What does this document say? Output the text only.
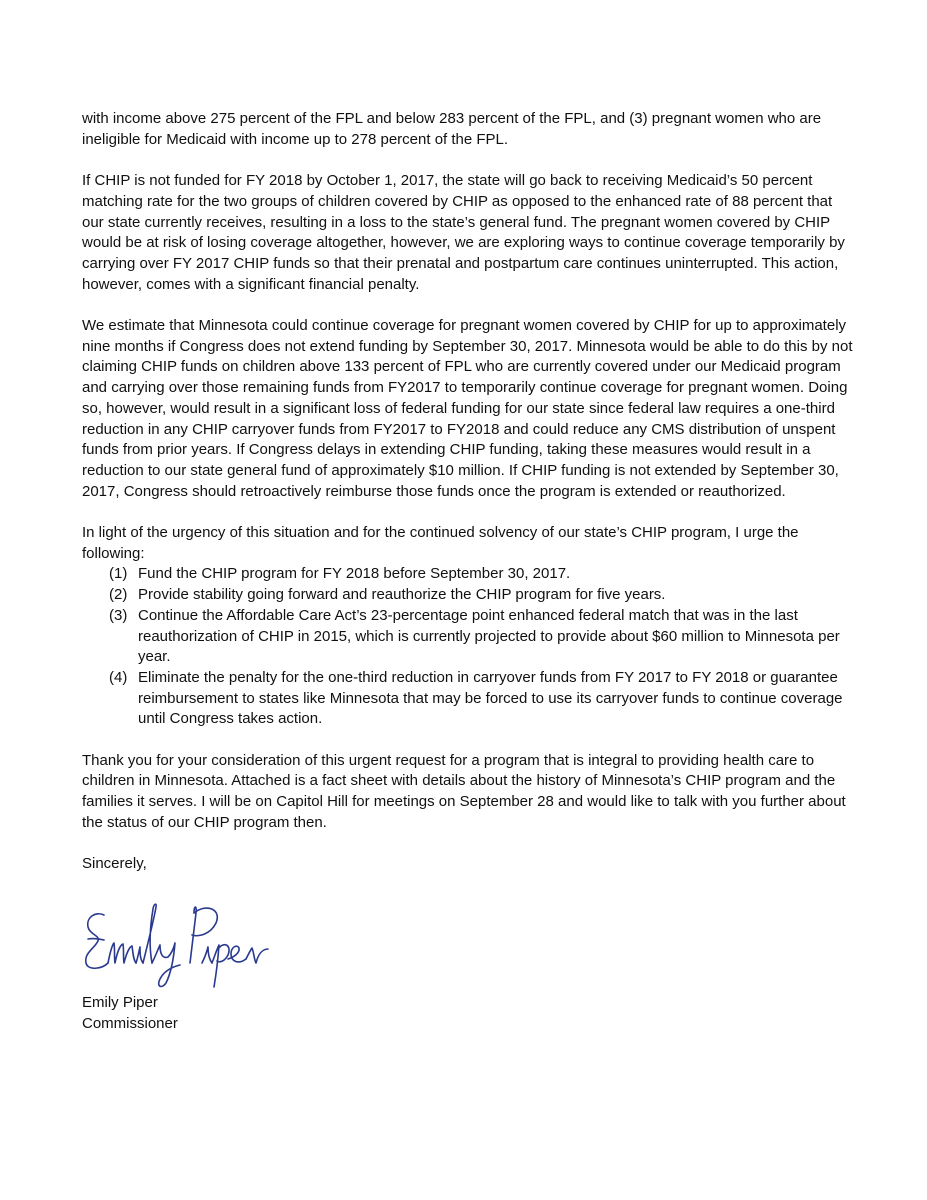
with income above 275 percent of the FPL and below 283 percent of the FPL, and (3) pregnant women who are ineligible for Medicaid with income up to 278 percent of the FPL.

If CHIP is not funded for FY 2018 by October 1, 2017, the state will go back to receiving Medicaid’s 50 percent matching rate for the two groups of children covered by CHIP as opposed to the enhanced rate of 88 percent that our state currently receives, resulting in a loss to the state’s general fund. The pregnant women covered by CHIP would be at risk of losing coverage altogether, however, we are exploring ways to continue coverage temporarily by carrying over FY 2017 CHIP funds so that their prenatal and postpartum care continues uninterrupted. This action, however, comes with a significant financial penalty.

We estimate that Minnesota could continue coverage for pregnant women covered by CHIP for up to approximately nine months if Congress does not extend funding by September 30, 2017. Minnesota would be able to do this by not claiming CHIP funds on children above 133 percent of FPL who are currently covered under our Medicaid program and carrying over those remaining funds from FY2017 to temporarily continue coverage for pregnant women. Doing so, however, would result in a significant loss of federal funding for our state since federal law requires a one-third reduction in any CHIP carryover funds from FY2017 to FY2018 and could reduce any CMS distribution of unspent funds from prior years. If Congress delays in extending CHIP funding, taking these measures would result in a reduction to our state general fund of approximately $10 million. If CHIP funding is not extended by September 30, 2017, Congress should retroactively reimburse those funds once the program is extended or reauthorized.

In light of the urgency of this situation and for the continued solvency of our state’s CHIP program, I urge the following:

(1) Fund the CHIP program for FY 2018 before September 30, 2017.
(2) Provide stability going forward and reauthorize the CHIP program for five years.
(3) Continue the Affordable Care Act’s 23-percentage point enhanced federal match that was in the last reauthorization of CHIP in 2015, which is currently projected to provide about $60 million to Minnesota per year.
(4) Eliminate the penalty for the one-third reduction in carryover funds from FY 2017 to FY 2018 or guarantee reimbursement to states like Minnesota that may be forced to use its carryover funds to continue coverage until Congress takes action.

Thank you for your consideration of this urgent request for a program that is integral to providing health care to children in Minnesota. Attached is a fact sheet with details about the history of Minnesota’s CHIP program and the families it serves. I will be on Capitol Hill for meetings on September 28 and would like to talk with you further about the status of our CHIP program then.

Sincerely,

Emily Piper
Commissioner
